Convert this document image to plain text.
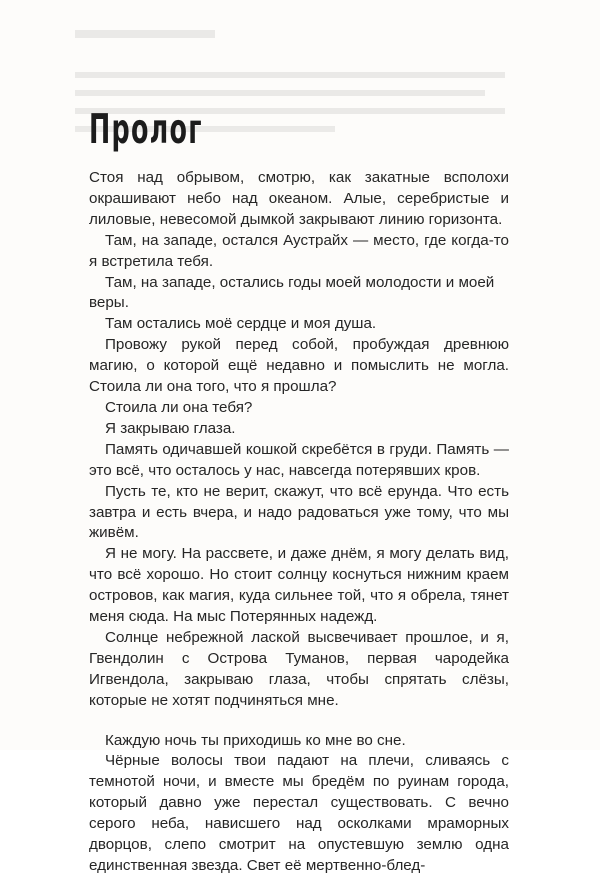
Пролог

Стоя над обрывом, смотрю, как закатные всполохи окрашивают небо над океаном. Алые, серебристые и лиловые, невесомой дымкой закрывают линию горизонта.

Там, на западе, остался Аустрайх — место, где когда-то я встретила тебя.

Там, на западе, остались годы моей молодости и моей веры.

Там остались моё сердце и моя душа.

Провожу рукой перед собой, пробуждая древнюю магию, о которой ещё недавно и помыслить не могла. Стоила ли она того, что я прошла?

Стоила ли она тебя?

Я закрываю глаза.

Память одичавшей кошкой скребётся в груди. Память — это всё, что осталось у нас, навсегда потерявших кров.

Пусть те, кто не верит, скажут, что всё ерунда. Что есть завтра и есть вчера, и надо радоваться уже тому, что мы живём.

Я не могу. На рассвете, и даже днём, я могу делать вид, что всё хорошо. Но стоит солнцу коснуться нижним краем островов, как магия, куда сильнее той, что я обрела, тянет меня сюда. На мыс Потерянных надежд.

Солнце небрежной лаской высвечивает прошлое, и я, Гвендолин с Острова Туманов, первая чародейка Игвендола, закрываю глаза, чтобы спрятать слёзы, которые не хотят подчиняться мне.

Каждую ночь ты приходишь ко мне во сне.

Чёрные волосы твои падают на плечи, сливаясь с темнотой ночи, и вместе мы бредём по руинам города, который давно уже перестал существовать. С вечно серого неба, нависшего над осколками мраморных дворцов, слепо смотрит на опустевшую землю одна единственная звезда. Свет её мертвенно-блед-
